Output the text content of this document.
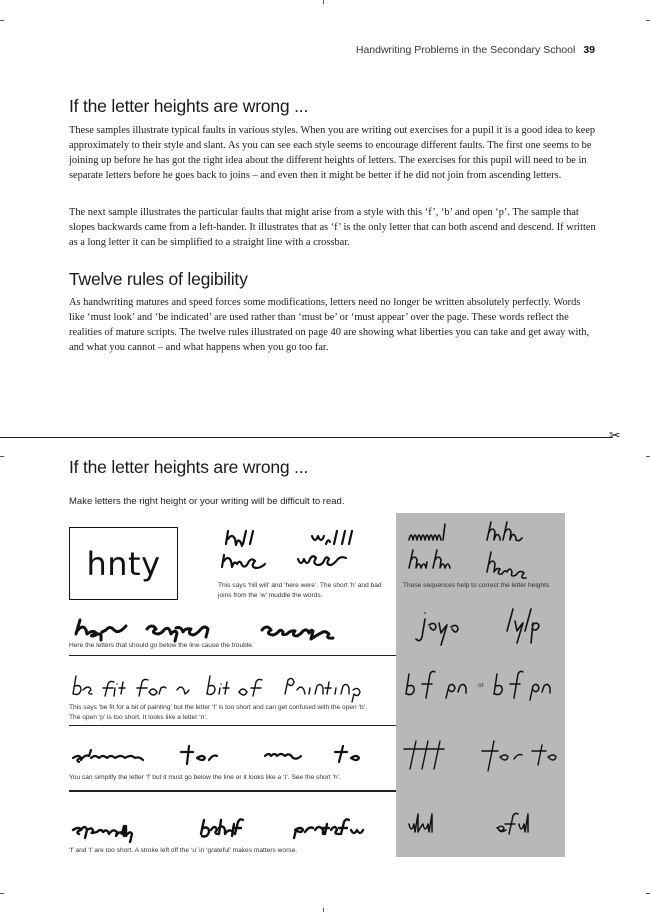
Handwriting Problems in the Secondary School 39
If the letter heights are wrong ...

These samples illustrate typical faults in various styles. When you are writing out exercises for a pupil it is a good idea to keep approximately to their style and slant. As you can see each style seems to encourage different faults. The first one seems to be joining up before he has got the right idea about the different heights of letters. The exercises for this pupil will need to be in separate letters before he goes back to joins – and even then it might be better if he did not join from ascending letters.

The next sample illustrates the particular faults that might arise from a style with this ‘f’, ‘b’ and open ‘p’. The sample that slopes backwards came from a left-hander. It illustrates that as ‘f’ is the only letter that can both ascend and descend. If written as a long letter it can be simplified to a straight line with a crossbar.

Twelve rules of legibility

As handwriting matures and speed forces some modifications, letters need no longer be written absolutely perfectly. Words like ‘must look’ and ‘be indicated’ are used rather than ‘must be’ or ‘must appear’ over the page. These words reflect the realities of mature scripts. The twelve rules illustrated on page 40 are showing what liberties you can take and get away with, and what you cannot – and what happens when you go too far.

✂
If the letter heights are wrong ...
Make letters the right height or your writing will be difficult to read.
hnty
This says ‘hill will’ and ‘here were’. The short ‘h’ and bad joins from the ‘w’ muddle the words.
These sequences help to correct the letter heights
Here the letters that should go below the line cause the trouble.
This says ‘be fit for a bit of painting’ but the letter ‘f’ is too short and can get confused with the open ‘b’. The open ‘p’ is too short. It looks like a letter ‘n’.
or
You can simplify the letter ‘f’ but it must go below the line or it looks like a ‘t’. See the short ‘h’.
‘f’ and ‘l’ are too short. A stroke left off the ‘u’ in ‘grateful’ makes matters worse.
